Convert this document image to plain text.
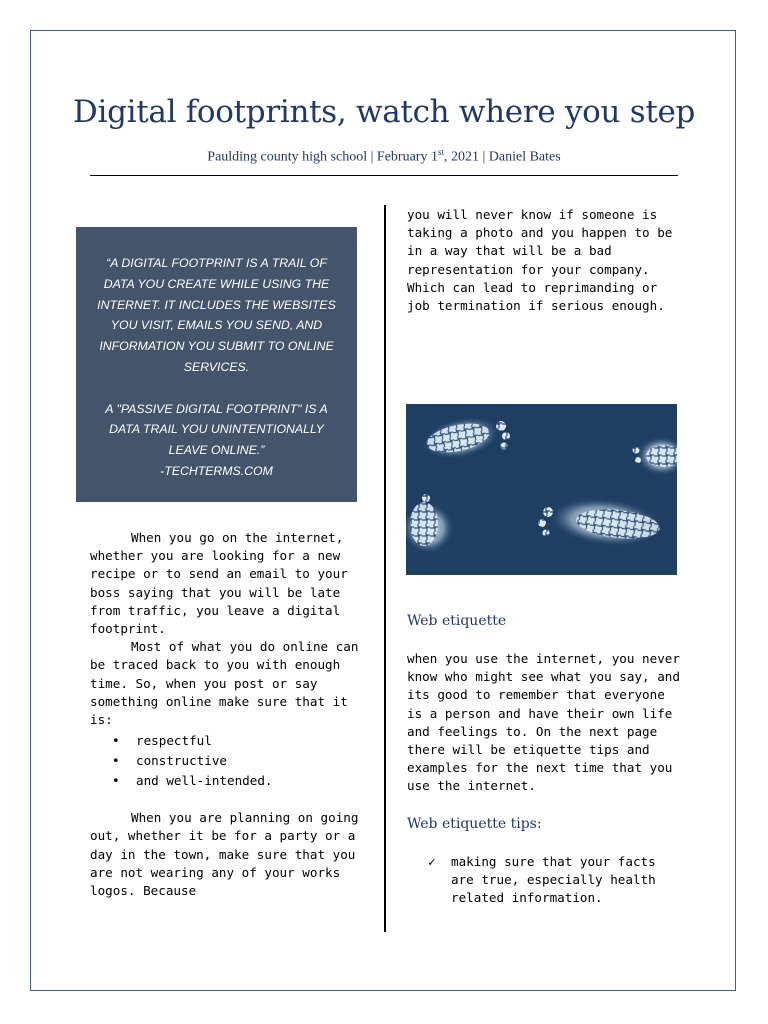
Digital footprints, watch where you step
Paulding county high school | February 1st, 2021 | Daniel Bates

“A DIGITAL FOOTPRINT IS A TRAIL OF DATA YOU CREATE WHILE USING THE INTERNET. IT INCLUDES THE WEBSITES YOU VISIT, EMAILS YOU SEND, AND INFORMATION YOU SUBMIT TO ONLINE SERVICES.

A "PASSIVE DIGITAL FOOTPRINT" IS A DATA TRAIL YOU UNINTENTIONALLY LEAVE ONLINE.”

-TECHTERMS.COM

When you go on the internet, whether you are looking for a new recipe or to send an email to your boss saying that you will be late from traffic, you leave a digital footprint.

Most of what you do online can be traced back to you with enough time. So, when you post or say something online make sure that it is:

• respectful
• constructive
• and well-intended.

When you are planning on going out, whether it be for a party or a day in the town, make sure that you are not wearing any of your works logos. Because

you will never know if someone is taking a photo and you happen to be in a way that will be a bad representation for your company. Which can lead to reprimanding or job termination if serious enough.

Web etiquette

when you use the internet, you never know who might see what you say, and its good to remember that everyone is a person and have their own life and feelings to. On the next page there will be etiquette tips and examples for the next time that you use the internet.

Web etiquette tips:
✓ making sure that your facts are true, especially health related information.
